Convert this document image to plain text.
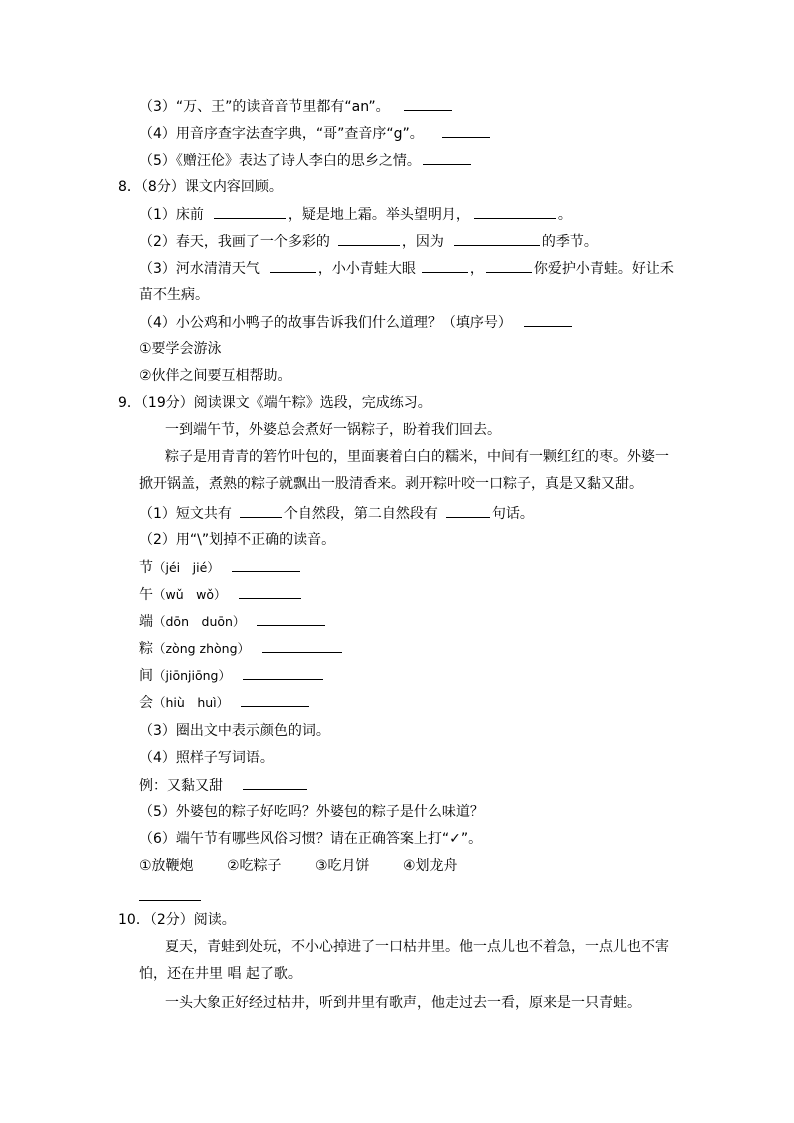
（3）“万、王”的读音音节里都有“an”。
（4）用音序查字法查字典，“哥”查音序“g”。
（5）《赠汪伦》表达了诗人李白的思乡之情。
8．（8分）课文内容回顾。
（1）床前	，疑是地上霜。举头望明月，	。
（2）春天，我画了一个多彩的	，因为	的季节。
（3）河水清清天气	，小小青蛙大眼	，	你爱护小青蛙。好让禾
苗不生病。
（4）小公鸡和小鸭子的故事告诉我们什么道理？（填序号）
①要学会游泳
②伙伴之间要互相帮助。
9．（19分）阅读课文《端午粽》选段，完成练习。
一到端午节，外婆总会煮好一锅粽子，盼着我们回去。
粽子是用青青的箬竹叶包的，里面裹着白白的糯米，中间有一颗红红的枣。外婆一
掀开锅盖，煮熟的粽子就飘出一股清香来。剥开粽叶咬一口粽子，真是又黏又甜。
（1）短文共有	个自然段，第二自然段有	句话。
（2）用“\”划掉不正确的读音。
节（jéi　jié）
午（wǔ　wǒ）
端（dōn　duōn）
粽（zòng zhòng）
间（jiōnjiōng）
会（hiù　huì）
（3）圈出文中表示颜色的词。
（4）照样子写词语。
例：又黏又甜
（5）外婆包的粽子好吃吗？外婆包的粽子是什么味道？
（6）端午节有哪些风俗习惯？请在正确答案上打“✓”。
①放鞭炮 ②吃粽子 ③吃月饼 ④划龙舟
10．（2分）阅读。
夏天，青蛙到处玩，不小心掉进了一口枯井里。他一点儿也不着急，一点儿也不害
怕，还在井里 唱 起了歌。
一头大象正好经过枯井，听到井里有歌声，他走过去一看，原来是一只青蛙。
